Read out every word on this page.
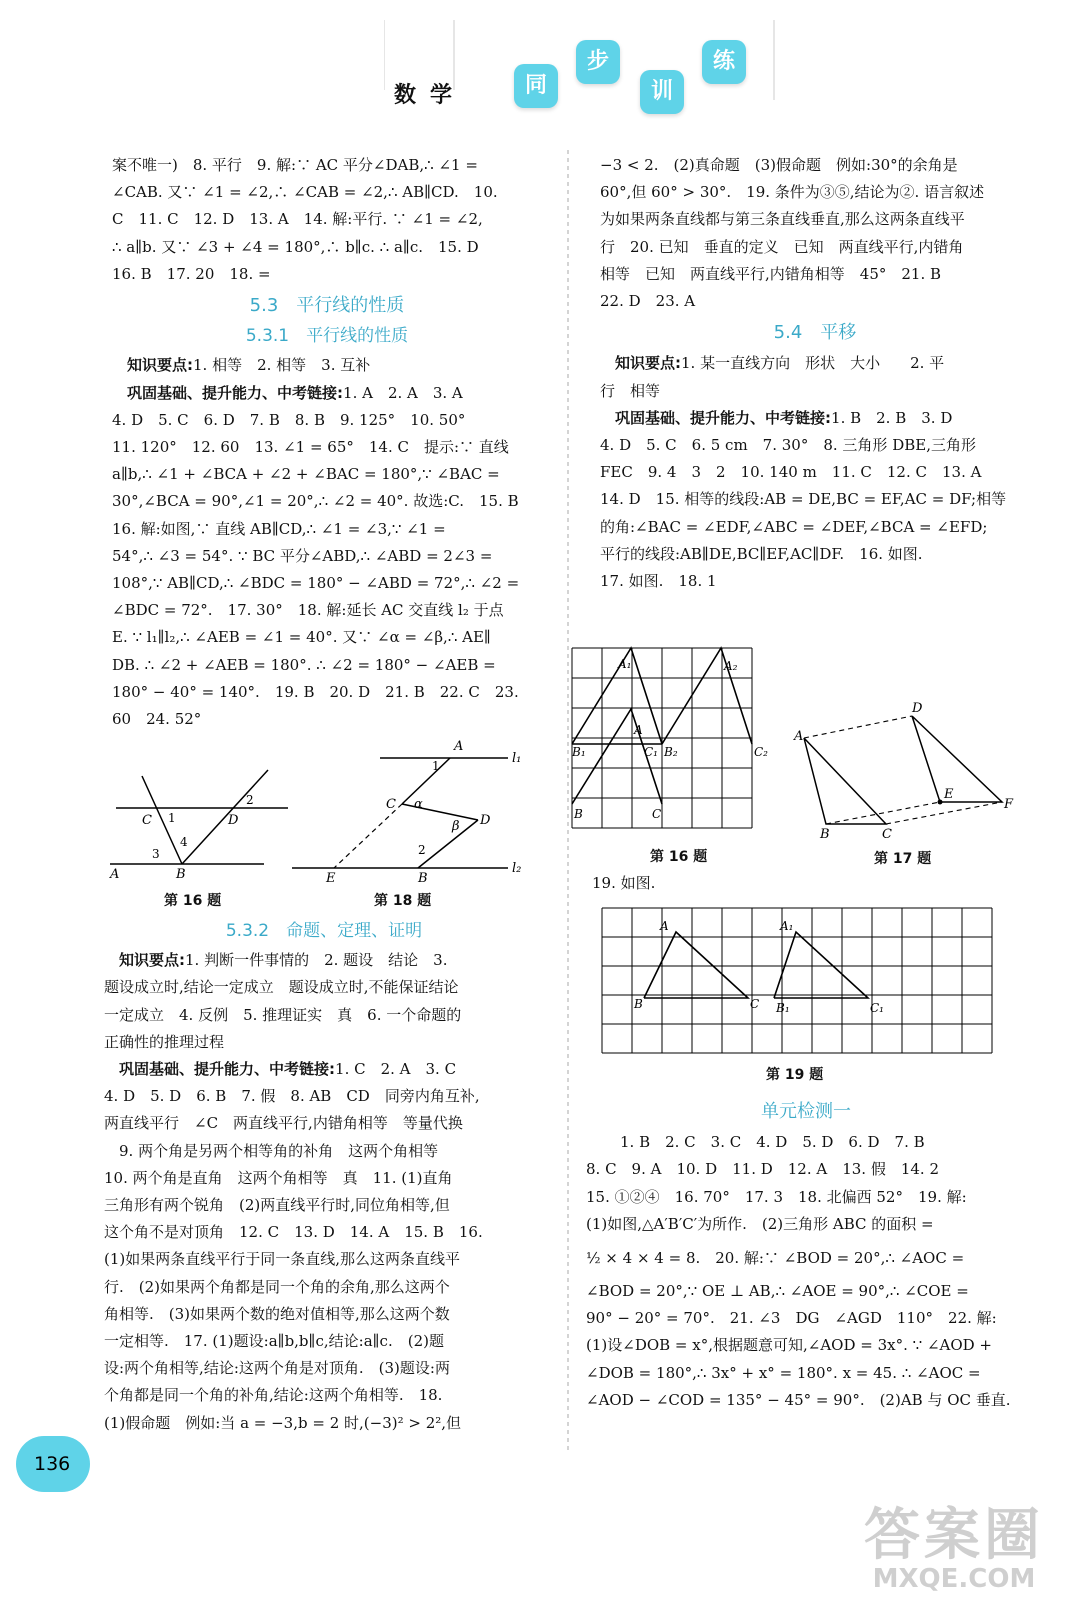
数学	同
步
训
练

案不唯一)　8. 平行　9. 解:∵ AC 平分∠DAB,∴ ∠1 =

∠CAB. 又∵ ∠1 = ∠2,∴ ∠CAB = ∠2,∴ AB∥CD.　10.

C　11. C　12. D　13. A　14. 解:平行. ∵ ∠1 = ∠2,

∴ a∥b. 又∵ ∠3 + ∠4 = 180°,∴ b∥c. ∴ a∥c.　15. D

16. B　17. 20　18. =

5.3　平行线的性质

5.3.1　平行线的性质

　知识要点:1. 相等　2. 相等　3. 互补

　巩固基础、提升能力、中考链接:1. A　2. A　3. A

4. D　5. C　6. D　7. B　8. B　9. 125°　10. 50°

11. 120°　12. 60　13. ∠1 = 65°　14. C　提示:∵ 直线

a∥b,∴ ∠1 + ∠BCA + ∠2 + ∠BAC = 180°,∵ ∠BAC =

30°,∠BCA = 90°,∠1 = 20°,∴ ∠2 = 40°. 故选:C.　15. B

16. 解:如图,∵ 直线 AB∥CD,∴ ∠1 = ∠3,∵ ∠1 =

54°,∴ ∠3 = 54°. ∵ BC 平分∠ABD,∴ ∠ABD = 2∠3 =

108°,∵ AB∥CD,∴ ∠BDC = 180° − ∠ABD = 72°,∴ ∠2 =

∠BDC = 72°.　17. 30°　18. 解:延长 AC 交直线 l₂ 于点

E. ∵ l₁∥l₂,∴ ∠AEB = ∠1 = 40°. 又∵ ∠α = ∠β,∴ AE∥

DB. ∴ ∠2 + ∠AEB = 180°. ∴ ∠2 = 180° − ∠AEB =

180° − 40° = 140°.　19. B　20. D　21. B　22. C　23.

60　24. 52°

C	D
A	B
1
2
3
4
第 16 题
A
l₁
l₂
C
D
E	B
1
2
α
β
第 18 题

5.3.2　命题、定理、证明

　知识要点:1. 判断一件事情的　2. 题设　结论　3.

题设成立时,结论一定成立　题设成立时,不能保证结论

一定成立　4. 反例　5. 推理证实　真　6. 一个命题的

正确性的推理过程

　巩固基础、提升能力、中考链接:1. C　2. A　3. C

4. D　5. D　6. B　7. 假　8. AB　CD　同旁内角互补,

两直线平行　∠C　两直线平行,内错角相等　等量代换

　9. 两个角是另两个相等角的补角　这两个角相等

10. 两个角是直角　这两个角相等　真　11. (1)直角

三角形有两个锐角　(2)两直线平行时,同位角相等,但

这个角不是对顶角　12. C　13. D　14. A　15. B　16.

(1)如果两条直线平行于同一条直线,那么这两条直线平

行.　(2)如果两个角都是同一个角的余角,那么这两个

角相等.　(3)如果两个数的绝对值相等,那么这两个数

一定相等.　17. (1)题设:a∥b,b∥c,结论:a∥c.　(2)题

设:两个角相等,结论:这两个角是对顶角.　(3)题设:两

个角都是同一个角的补角,结论:这两个角相等.　18.

(1)假命题　例如:当 a = −3,b = 2 时,(−3)² > 2²,但

−3 < 2.　(2)真命题　(3)假命题　例如:30°的余角是

60°,但 60° > 30°.　19. 条件为③⑤,结论为②. 语言叙述

为如果两条直线都与第三条直线垂直,那么这两条直线平

行　20. 已知　垂直的定义　已知　两直线平行,内错角

相等　已知　两直线平行,内错角相等　45°　21. B

22. D　23. A

5.4　平移

　知识要点:1. 某一直线方向　形状　大小　　2. 平

行　相等

　巩固基础、提升能力、中考链接:1. B　2. B　3. D

4. D　5. C　6. 5 cm　7. 30°　8. 三角形 DBE,三角形

FEC　9. 4　3　2　10. 140 m　11. C　12. C　13. A

14. D　15. 相等的线段:AB = DE,BC = EF,AC = DF;相等

的角:∠BAC = ∠EDF,∠ABC = ∠DEF,∠BCA = ∠EFD;

平行的线段:AB∥DE,BC∥EF,AC∥DF.　16. 如图.

17. 如图.　18. 1

A₁	A₂
A
B₁	C₁ B₂	C₂
B	C
第 16 题
A
D
B	C
E
F
第 17 题

19. 如图.

A	A₁
B	C B₁	C₁
第 19 题

单元检测一

1. B　2. C　3. C　4. D　5. D　6. D　7. B

8. C　9. A　10. D　11. D　12. A　13. 假　14. 2

15. ①②④　16. 70°　17. 3　18. 北偏西 52°　19. 解:

(1)如图,△A′B′C′为所作.　(2)三角形 ABC 的面积 =

½ × 4 × 4 = 8.　20. 解:∵ ∠BOD = 20°,∴ ∠AOC =

∠BOD = 20°,∵ OE ⊥ AB,∴ ∠AOE = 90°,∴ ∠COE =

90° − 20° = 70°.　21. ∠3　DG　∠AGD　110°　22. 解:

(1)设∠DOB = x°,根据题意可知,∠AOD = 3x°. ∵ ∠AOD +

∠DOB = 180°,∴ 3x° + x° = 180°. x = 45. ∴ ∠AOC =

∠AOD − ∠COD = 135° − 45° = 90°.　(2)AB 与 OC 垂直.

136
答案圈
MXQE.COM
